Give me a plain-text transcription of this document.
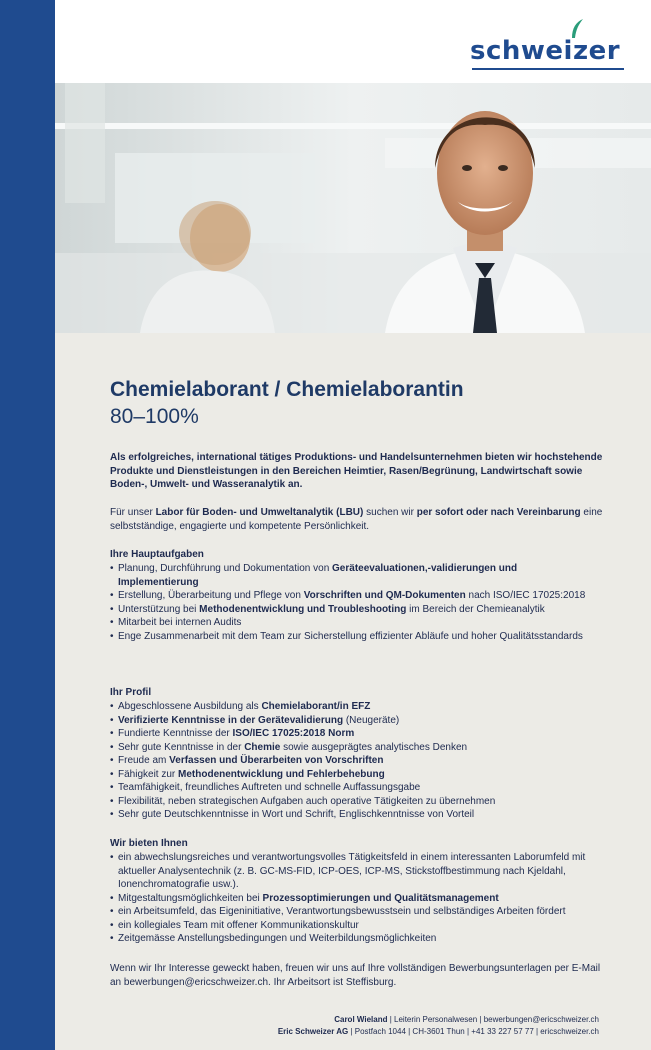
schweizer
Chemielaborant / Chemielaborantin
80–100%

Als erfolgreiches, international tätiges Produktions- und Handelsunternehmen bieten wir hochstehende Produkte und Dienstleistungen in den Bereichen Heimtier, Rasen/Begrünung, Landwirtschaft sowie Boden-, Umwelt- und Wasseranalytik an.

Für unser Labor für Boden- und Umweltanalytik (LBU) suchen wir per sofort oder nach Vereinbarung eine selbstständige, engagierte und kompetente Persönlichkeit.

Ihre Hauptaufgaben
• Planung, Durchführung und Dokumentation von Geräteevaluationen,-validierungen und Implementierung
• Erstellung, Überarbeitung und Pflege von Vorschriften und QM-Dokumenten nach ISO/IEC 17025:2018
• Unterstützung bei Methodenentwicklung und Troubleshooting im Bereich der Chemieanalytik
• Mitarbeit bei internen Audits
• Enge Zusammenarbeit mit dem Team zur Sicherstellung effizienter Abläufe und hoher Qualitätsstandards
Ihr Profil
• Abgeschlossene Ausbildung als Chemielaborant/in EFZ
• Verifizierte Kenntnisse in der Gerätevalidierung (Neugeräte)
• Fundierte Kenntnisse der ISO/IEC 17025:2018 Norm
• Sehr gute Kenntnisse in der Chemie sowie ausgeprägtes analytisches Denken
• Freude am Verfassen und Überarbeiten von Vorschriften
• Fähigkeit zur Methodenentwicklung und Fehlerbehebung
• Teamfähigkeit, freundliches Auftreten und schnelle Auffassungsgabe
• Flexibilität, neben strategischen Aufgaben auch operative Tätigkeiten zu übernehmen
• Sehr gute Deutschkenntnisse in Wort und Schrift, Englischkenntnisse von Vorteil
Wir bieten Ihnen
• ein abwechslungsreiches und verantwortungsvolles Tätigkeitsfeld in einem interessanten Laborumfeld mit aktueller Analysentechnik (z. B. GC-MS-FID, ICP-OES, ICP-MS, Stickstoffbestimmung nach Kjeldahl, Ionenchromatografie usw.).
• Mitgestaltungsmöglichkeiten bei Prozessoptimierungen und Qualitätsmanagement
• ein Arbeitsumfeld, das Eigeninitiative, Verantwortungsbewusstsein und selbständiges Arbeiten fördert
• ein kollegiales Team mit offener Kommunikationskultur
• Zeitgemässe Anstellungsbedingungen und Weiterbildungsmöglichkeiten

Wenn wir Ihr Interesse geweckt haben, freuen wir uns auf Ihre vollständigen Bewerbungsunterlagen per E-Mail an bewerbungen@ericschweizer.ch. Ihr Arbeitsort ist Steffisburg.

Carol Wieland | Leiterin Personalwesen | bewerbungen@ericschweizer.ch
Eric Schweizer AG | Postfach 1044 | CH-3601 Thun | +41 33 227 57 77 | ericschweizer.ch
